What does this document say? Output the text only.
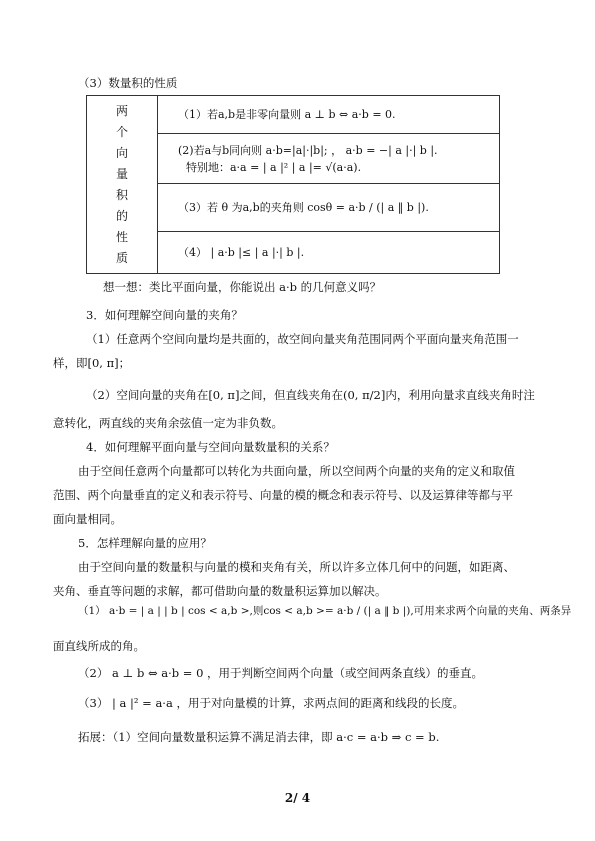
（3）数量积的性质
两
个
向
量
积
的
性
质

（1）若a,b是非零向量则 a ⊥ b ⇔ a·b = 0.

(2)若a与b同向则 a·b=|a|·|b|; ， a·b = −| a |·| b |.
特别地：a·a = | a |² | a |= √(a·a).

（3）若 θ 为a,b的夹角则 cosθ = a·b / (| a ‖ b |).

（4） | a·b |≤ | a |·| b |.
想一想：类比平面向量，你能说出 a·b 的几何意义吗？
3．如何理解空间向量的夹角？
（1）任意两个空间向量均是共面的，故空间向量夹角范围同两个平面向量夹角范围一
样，即[0, π]；
（2）空间向量的夹角在[0, π]之间，但直线夹角在(0, π/2]内，利用向量求直线夹角时注
意转化，两直线的夹角余弦值一定为非负数。
4．如何理解平面向量与空间向量数量积的关系？
由于空间任意两个向量都可以转化为共面向量，所以空间两个向量的夹角的定义和取值
范围、两个向量垂直的定义和表示符号、向量的模的概念和表示符号、以及运算律等都与平
面向量相同。
5．怎样理解向量的应用？
由于空间向量的数量积与向量的模和夹角有关，所以许多立体几何中的问题，如距离、
夹角、垂直等问题的求解，都可借助向量的数量积运算加以解决。
（1） a·b = | a | | b | cos < a,b >,则cos < a,b >= a·b / (| a ‖ b |),可用来求两个向量的夹角、两条异
面直线所成的角。
（2） a ⊥ b ⇔ a·b = 0 ，用于判断空间两个向量（或空间两条直线）的垂直。
（3） | a |² = a·a ，用于对向量模的计算，求两点间的距离和线段的长度。
拓展：（1）空间向量数量积运算不满足消去律，即 a·c = a·b ⇒ c = b.
2/ 4
